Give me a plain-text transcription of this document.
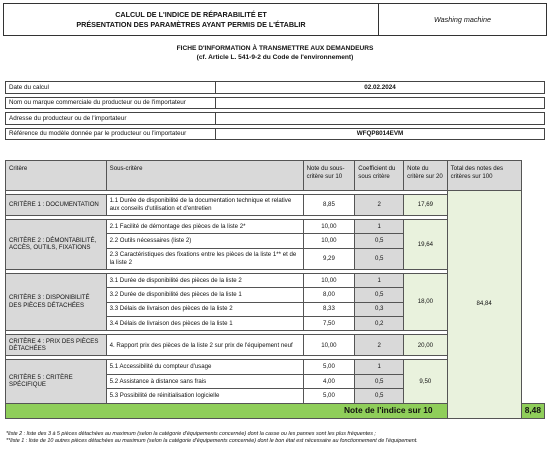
CALCUL DE L'INDICE DE RÉPARABILITÉ ET
PRÉSENTATION DES PARAMÈTRES AYANT PERMIS DE L'ÉTABLIR	Washing machine
FICHE D'INFORMATION À TRANSMETTRE AUX DEMANDEURS
(cf. Article L. 541-9-2 du Code de l'environnement)
Date du calcul	02.02.2024

Nom ou marque commerciale du producteur ou de l'importateur	

Adresse du producteur ou de l'importateur	

Référence du modèle donnée par le producteur ou l'importateur	WFQP8014EVM
Critère	Sous-critère	Note du sous-critère sur 10	Coefficient du sous critère	Note du critère sur 20	Total des notes des critères sur 100	
					84,84	
CRITÈRE 1 : DOCUMENTATION	1.1 Durée de disponibilité de la documentation technique et relative aux conseils d'utilisation et d'entretien	8,85	2	17,69		

CRITÈRE 2 : DÉMONTABILITÉ, ACCÈS, OUTILS, FIXATIONS	2.1 Facilité de démontage des pièces de la liste 2*	10,00	1	19,64		
	2.2 Outils nécessaires (liste 2)	10,00	0,5			
	2.3 Caractéristiques des fixations entre les pièces de la liste 1** et de la liste 2	9,29	0,5			

CRITÈRE 3 : DISPONIBILITÉ DES PIÈCES DÉTACHÉES	3.1 Durée de disponibilité des pièces de la liste 2	10,00	1	18,00		
	3.2 Durée de disponibilité des pièces de la liste 1	8,00	0,5			
	3.3 Délais de livraison des pièces de la liste 2	8,33	0,3			
	3.4 Délais de livraison des pièces de la liste 1	7,50	0,2			

CRITÈRE 4 : PRIX DES PIÈCES DÉTACHÉES	4. Rapport prix des pièces de la liste 2 sur prix de l'équipement neuf	10,00	2	20,00		

CRITÈRE 5 : CRITÈRE SPÉCIFIQUE	5.1 Accessibilité du compteur d'usage	5,00	1	9,50		
	5.2 Assistance à distance sans frais	4,00	0,5			
	5.3 Possibilité de réinitialisation logicielle	5,00	0,5			
Note de l'indice sur 10						8,48
*liste 2 : liste des 3 à 5 pièces détachées au maximum (selon la catégorie d'équipements concernée) dont la casse ou les pannes sont les plus fréquentes ;
**liste 1 : liste de 10 autres pièces détachées au maximum (selon la catégorie d'équipements concernée) dont le bon état est nécessaire au fonctionnement de l'équipement.
